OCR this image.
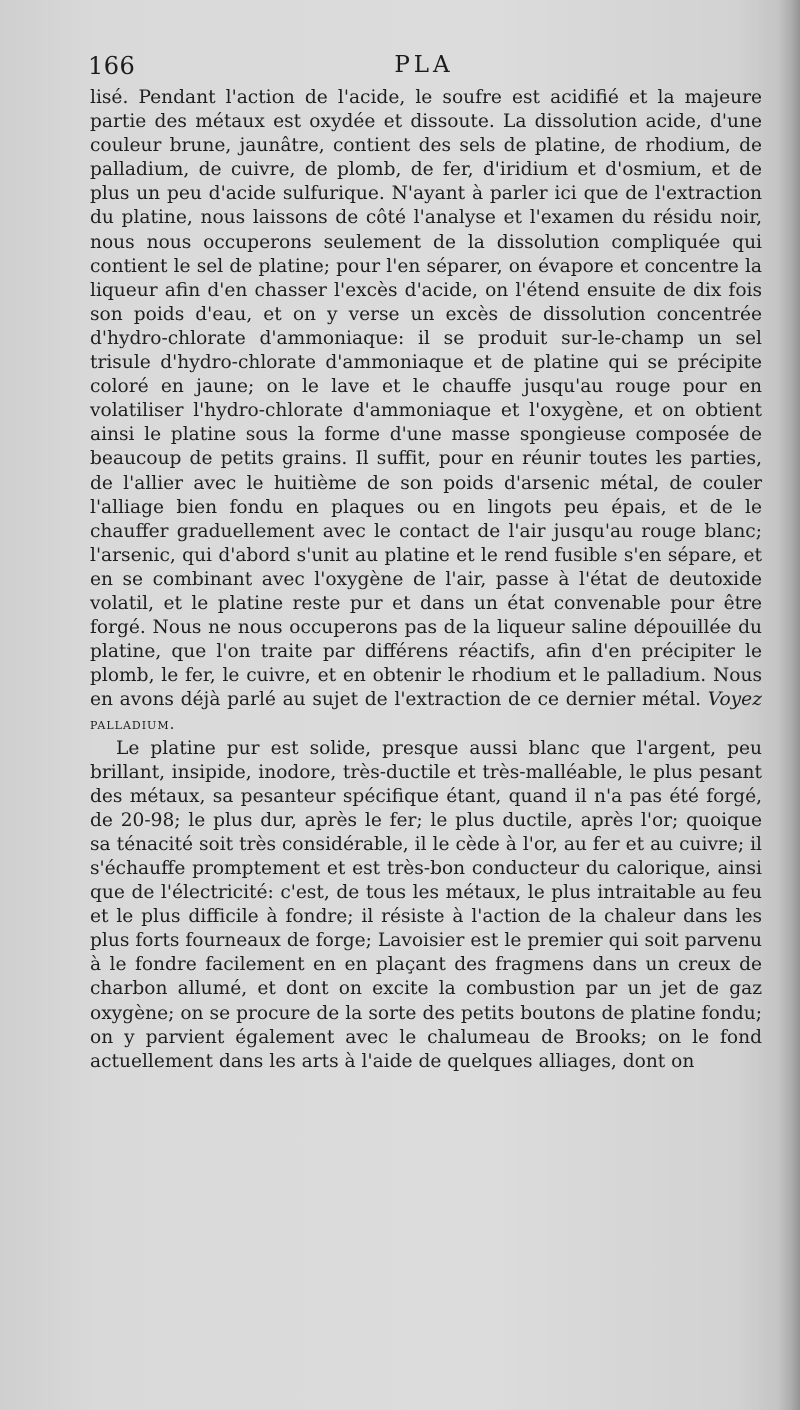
166	PLA

lisé. Pendant l'action de l'acide, le soufre est acidifié et la majeure partie des métaux est oxydée et dissoute. La dissolution acide, d'une couleur brune, jaunâtre, contient des sels de platine, de rhodium, de palladium, de cuivre, de plomb, de fer, d'iridium et d'osmium, et de plus un peu d'acide sulfurique. N'ayant à parler ici que de l'extraction du platine, nous laissons de côté l'analyse et l'examen du résidu noir, nous nous occuperons seulement de la dissolution compliquée qui contient le sel de platine; pour l'en séparer, on évapore et concentre la liqueur afin d'en chasser l'excès d'acide, on l'étend ensuite de dix fois son poids d'eau, et on y verse un excès de dissolution concentrée d'hydro-chlorate d'ammoniaque: il se produit sur-le-champ un sel trisule d'hydro-chlorate d'ammoniaque et de platine qui se précipite coloré en jaune; on le lave et le chauffe jusqu'au rouge pour en volatiliser l'hydro-chlorate d'ammoniaque et l'oxygène, et on obtient ainsi le platine sous la forme d'une masse spongieuse composée de beaucoup de petits grains. Il suffit, pour en réunir toutes les parties, de l'allier avec le huitième de son poids d'arsenic métal, de couler l'alliage bien fondu en plaques ou en lingots peu épais, et de le chauffer graduellement avec le contact de l'air jusqu'au rouge blanc; l'arsenic, qui d'abord s'unit au platine et le rend fusible s'en sépare, et en se combinant avec l'oxygène de l'air, passe à l'état de deutoxide volatil, et le platine reste pur et dans un état convenable pour être forgé. Nous ne nous occuperons pas de la liqueur saline dépouillée du platine, que l'on traite par différens réactifs, afin d'en précipiter le plomb, le fer, le cuivre, et en obtenir le rhodium et le palladium. Nous en avons déjà parlé au sujet de l'extraction de ce dernier métal. Voyez palladium.

Le platine pur est solide, presque aussi blanc que l'argent, peu brillant, insipide, inodore, très-ductile et très-malléable, le plus pesant des métaux, sa pesanteur spécifique étant, quand il n'a pas été forgé, de 20-98; le plus dur, après le fer; le plus ductile, après l'or; quoique sa ténacité soit très considérable, il le cède à l'or, au fer et au cuivre; il s'échauffe promptement et est très-bon conducteur du calorique, ainsi que de l'électricité: c'est, de tous les métaux, le plus intraitable au feu et le plus difficile à fondre; il résiste à l'action de la chaleur dans les plus forts fourneaux de forge; Lavoisier est le premier qui soit parvenu à le fondre facilement en en plaçant des fragmens dans un creux de charbon allumé, et dont on excite la combustion par un jet de gaz oxygène; on se procure de la sorte des petits boutons de platine fondu; on y parvient également avec le chalumeau de Brooks; on le fond actuellement dans les arts à l'aide de quelques alliages, dont on
